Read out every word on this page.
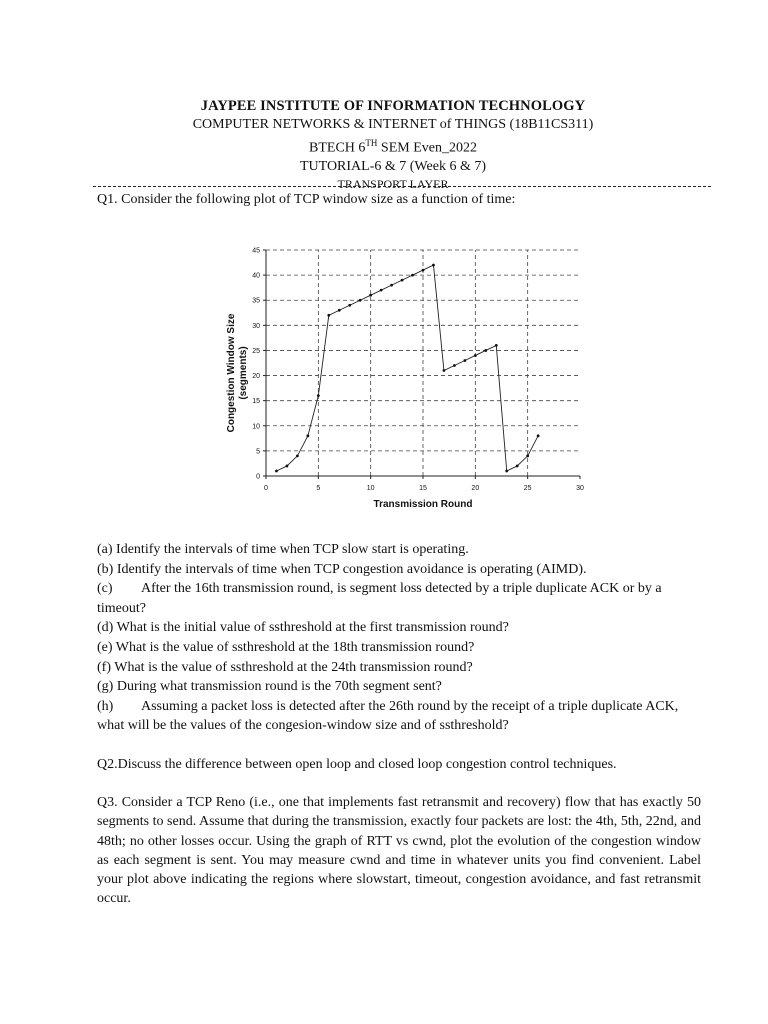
JAYPEE INSTITUTE OF INFORMATION TECHNOLOGY
COMPUTER NETWORKS & INTERNET of THINGS (18B11CS311)
BTECH 6TH SEM Even_2022
TUTORIAL-6 & 7 (Week 6 & 7)
TRANSPORT LAYER
Q1. Consider the following plot of TCP window size as a function of time:
0
5
10
15
20
25
30
35
40
45
0	5	10	15	20	25	30
Transmission Round
Congestion Window Size (segments)

(a) Identify the intervals of time when TCP slow start is operating.

(b) Identify the intervals of time when TCP congestion avoidance is operating (AIMD).

(c) After the 16th transmission round, is segment loss detected by a triple duplicate ACK or by a timeout?

(d) What is the initial value of ssthreshold at the first transmission round?

(e) What is the value of ssthreshold at the 18th transmission round?

(f) What is the value of ssthreshold at the 24th transmission round?

(g) During what transmission round is the 70th segment sent?

(h) Assuming a packet loss is detected after the 26th round by the receipt of a triple duplicate ACK, what will be the values of the congesion-window size and of ssthreshold?

Q2.Discuss the difference between open loop and closed loop congestion control techniques.

Q3. Consider a TCP Reno (i.e., one that implements fast retransmit and recovery) flow that has exactly 50 segments to send. Assume that during the transmission, exactly four packets are lost: the 4th, 5th, 22nd, and 48th; no other losses occur. Using the graph of RTT vs cwnd, plot the evolution of the congestion window as each segment is sent. You may measure cwnd and time in whatever units you find convenient. Label your plot above indicating the regions where slowstart, timeout, congestion avoidance, and fast retransmit occur.
